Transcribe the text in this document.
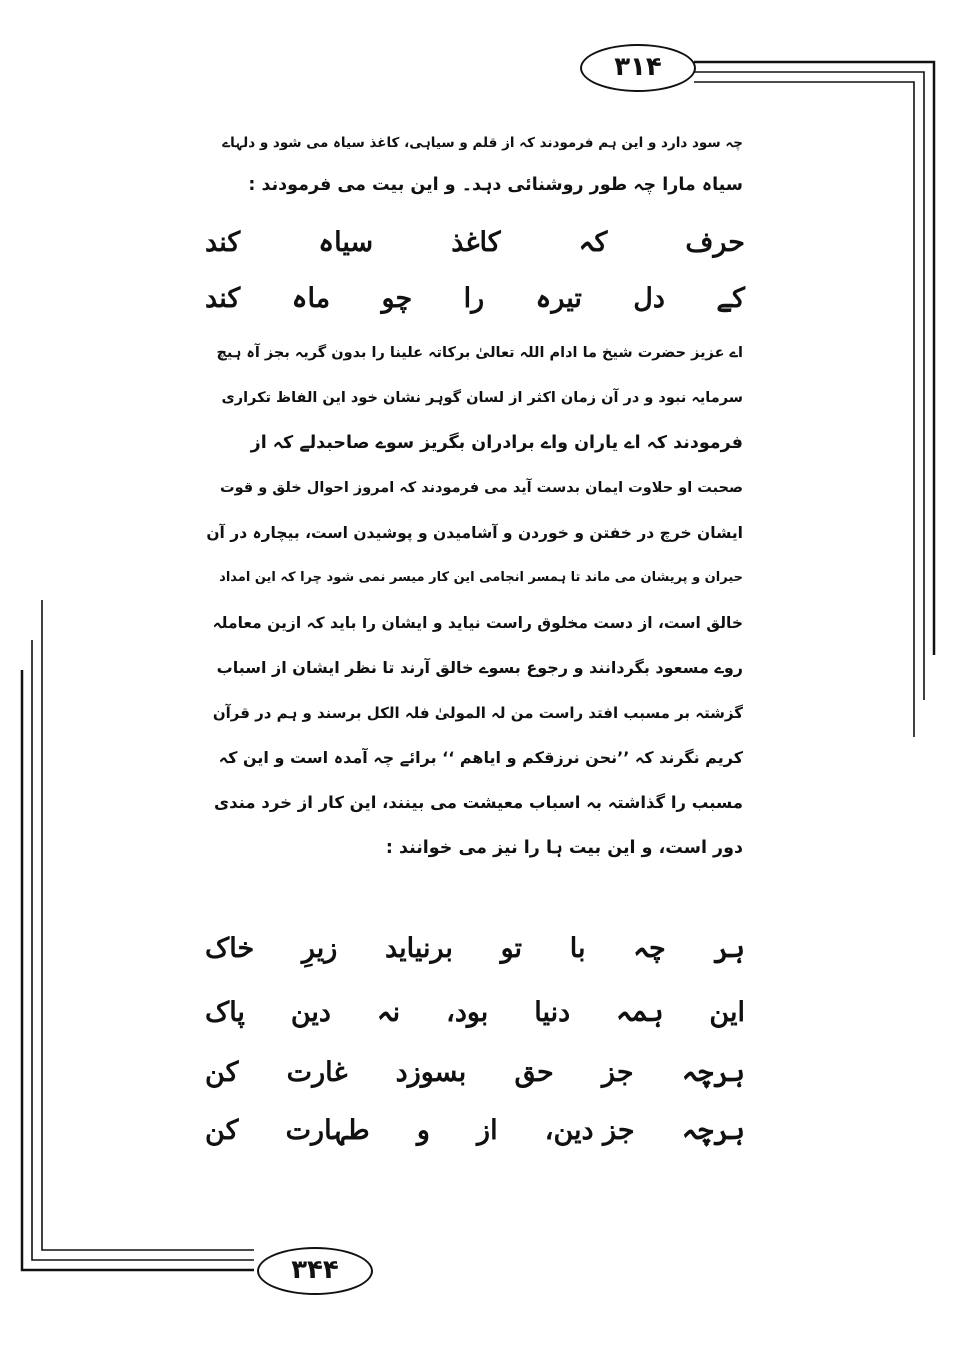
۳۱۴
۳۴۴
چہ سود دارد و این ہم فرمودند کہ از قلم و سیاہی، کاغذ سیاہ می شود و دلہاے
سیاہ مارا چہ طور روشنائی دہد۔ و این بیت می فرمودند :
حرف
کہ
کاغذ
سیاہ
کند
کے
دل
تیرہ
را
چو
ماہ
کند
اے عزیز حضرت شیخ ما ادام اللہ تعالیٰ برکاتہ علینا را بدون گریہ بجز آہ ہیچ
سرمایہ نبود و در آن زمان اکثر از لسان گوہر نشان خود این الفاظ تکراری
فرمودند کہ اے یاران واے برادران بگریز سوے صاحبدلے کہ از
صحبت او حلاوت ایمان بدست آید می فرمودند کہ امروز احوال خلق و قوت
ایشان خرچ در خفتن و خوردن و آشامیدن و پوشیدن است، بیچارہ در آن
حیران و پریشان می ماند تا ہمسر انجامی این کار میسر نمی شود چرا کہ این امداد
خالق است، از دست مخلوق راست نیاید و ایشان را باید کہ ازین معاملہ
روے مسعود بگردانند و رجوع بسوے خالق آرند تا نظر ایشان از اسباب
گزشتہ بر مسبب افتد راست من لہ المولیٰ فلہ الکل برسند و ہم در قرآن
کریم نگرند کہ ’’نحن نرزقکم و ایاھم ‘‘ برائے چہ آمدہ است و این کہ
مسبب را گذاشتہ بہ اسباب معیشت می بینند، این کار از خرد مندی
دور است، و این بیت ہا را نیز می خوانند :
ہر
چہ
با
تو
برنیاید
زیرِ
خاک
این
ہمہ
دنیا
بود،
نہ
دین
پاک
ہرچہ
جز
حق
بسوزد
غارت
کن
ہرچہ
جز دین،
از
و
طہارت
کن
